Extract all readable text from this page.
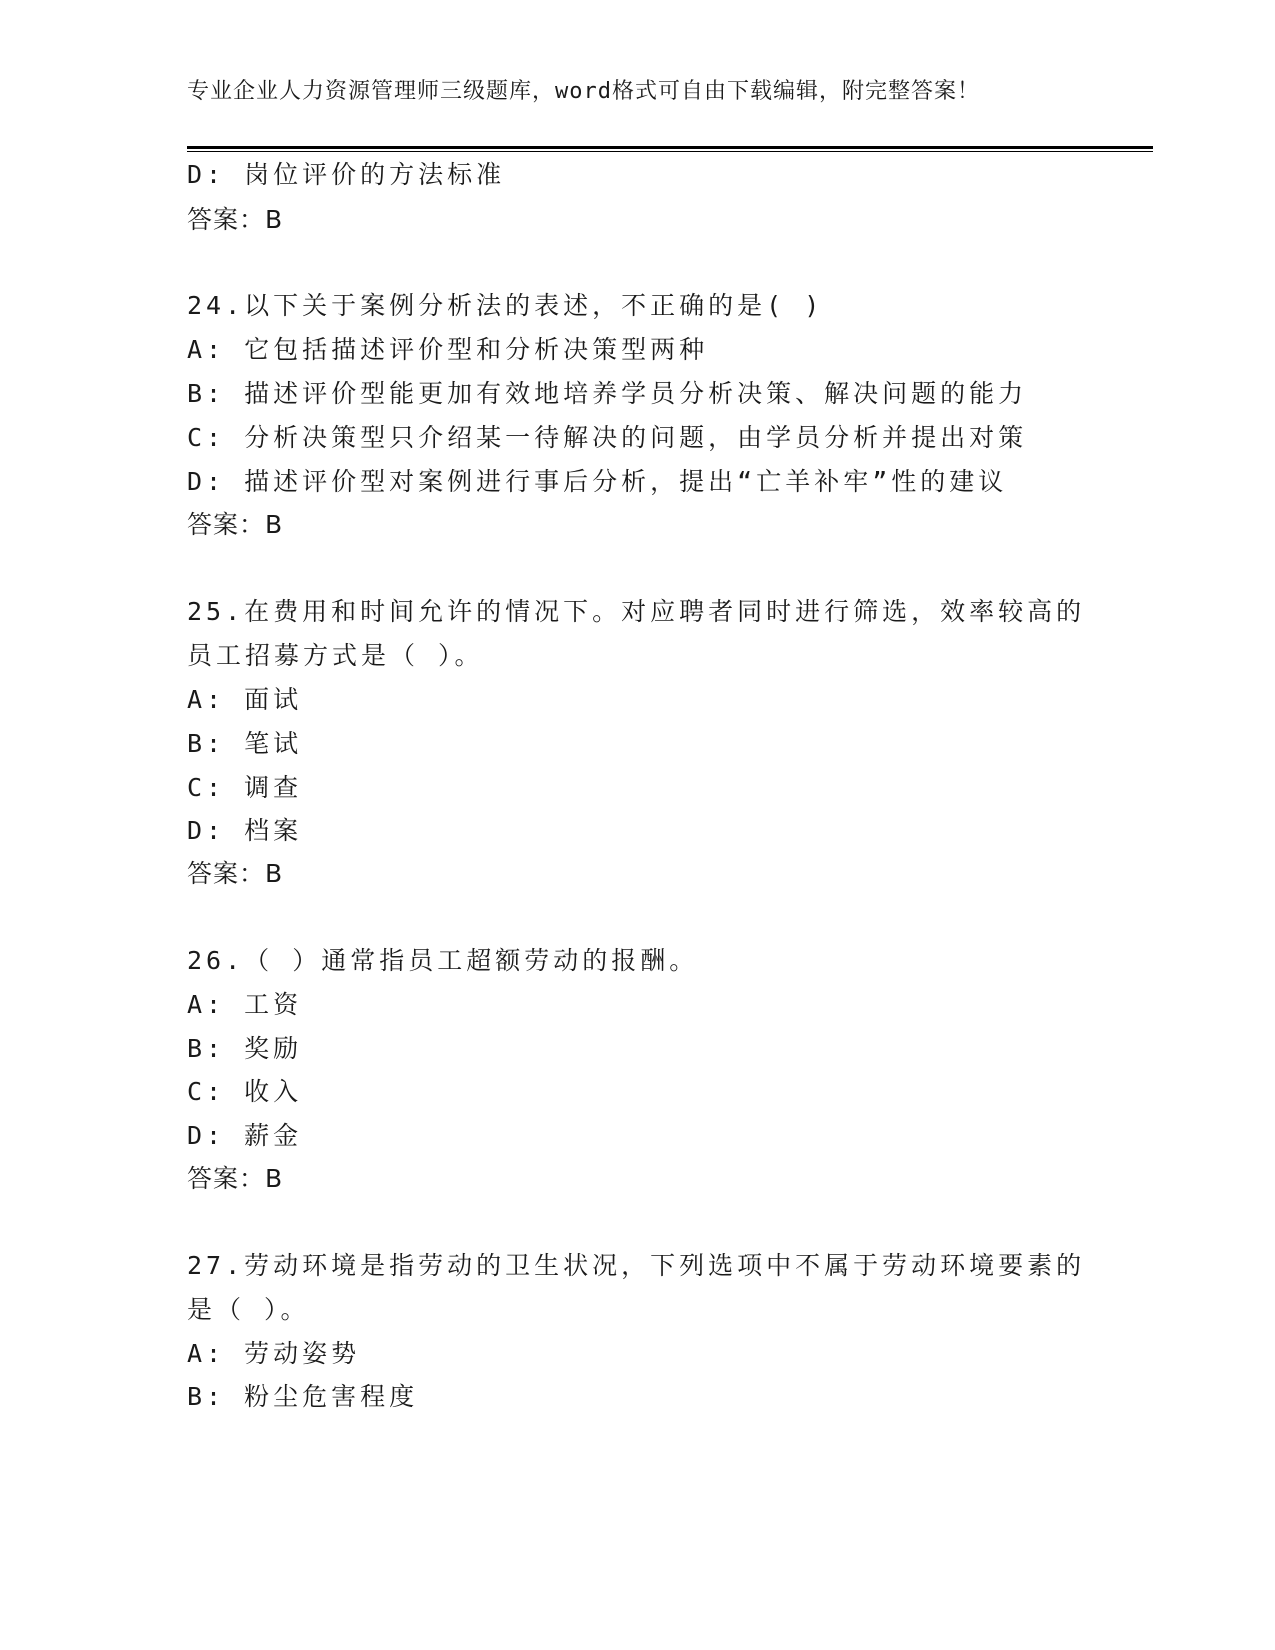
专业企业人力资源管理师三级题库，word格式可自由下载编辑，附完整答案！
D: 岗位评价的方法标准
答案：B
24.以下关于案例分析法的表述，不正确的是( )
A: 它包括描述评价型和分析决策型两种
B: 描述评价型能更加有效地培养学员分析决策、解决问题的能力
C: 分析决策型只介绍某一待解决的问题，由学员分析并提出对策
D: 描述评价型对案例进行事后分析，提出“亡羊补牢”性的建议
答案：B
25.在费用和时间允许的情况下。对应聘者同时进行筛选，效率较高的
员工招募方式是（ ）。
A: 面试
B: 笔试
C: 调查
D: 档案
答案：B
26.（ ）通常指员工超额劳动的报酬。
A: 工资
B: 奖励
C: 收入
D: 薪金
答案：B
27.劳动环境是指劳动的卫生状况，下列选项中不属于劳动环境要素的
是（ ）。
A: 劳动姿势
B: 粉尘危害程度
